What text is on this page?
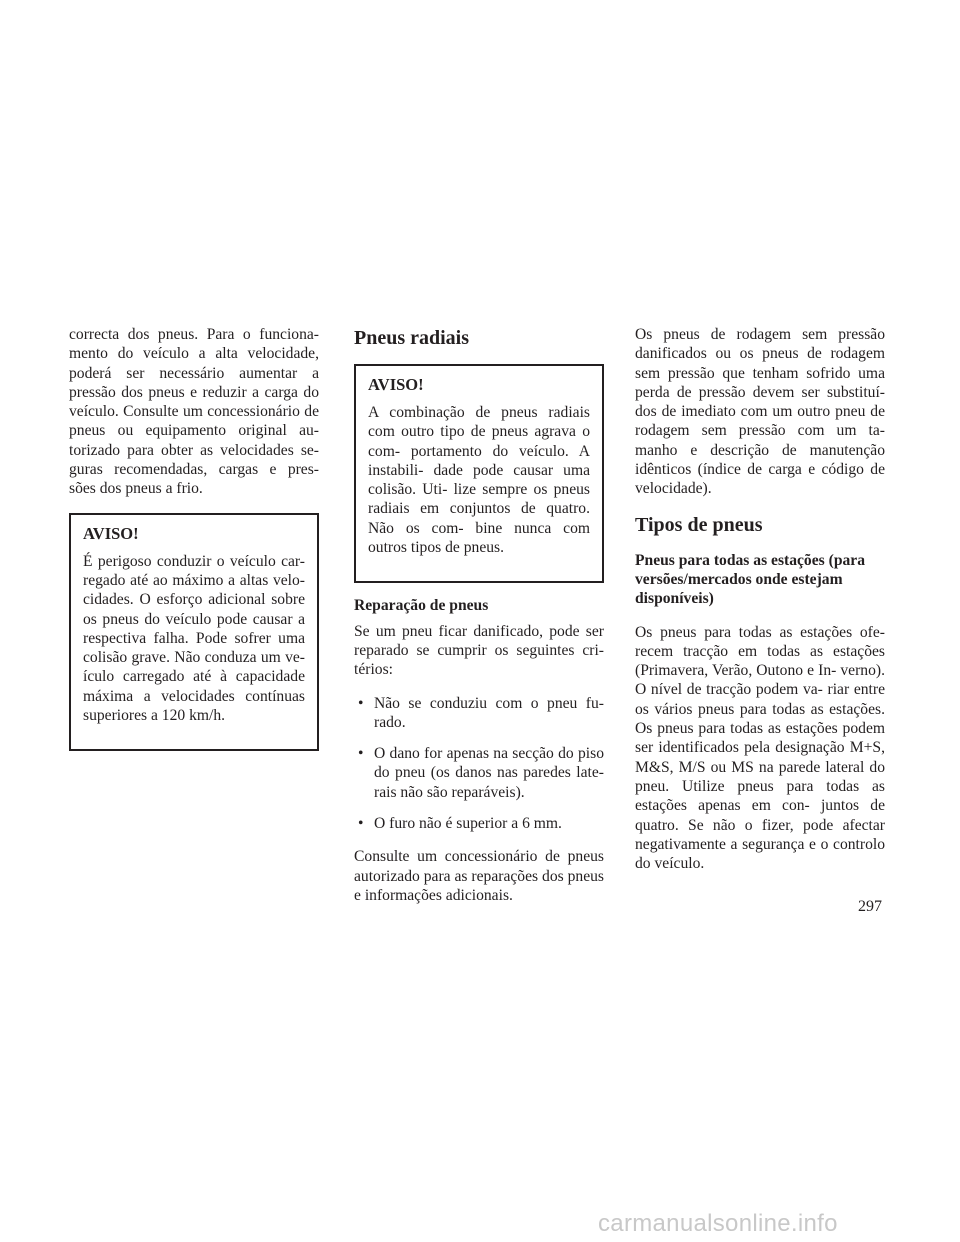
correcta dos pneus. Para o funciona- mento do veículo a alta velocidade, poderá ser necessário aumentar a pressão dos pneus e reduzir a carga do veículo. Consulte um concessionário de pneus ou equipamento original au- torizado para obter as velocidades se- guras recomendadas, cargas e pres- sões dos pneus a frio.

AVISO!

É perigoso conduzir o veículo car- regado até ao máximo a altas velo- cidades. O esforço adicional sobre os pneus do veículo pode causar a respectiva falha. Pode sofrer uma colisão grave. Não conduza um ve- ículo carregado até à capacidade máxima a velocidades contínuas superiores a 120 km/h.

Pneus radiais
AVISO!

A combinação de pneus radiais com outro tipo de pneus agrava o com- portamento do veículo. A instabili- dade pode causar uma colisão. Uti- lize sempre os pneus radiais em conjuntos de quatro. Não os com- bine nunca com outros tipos de pneus.

Reparação de pneus

Se um pneu ficar danificado, pode ser reparado se cumprir os seguintes cri- térios:

• Não se conduziu com o pneu fu- rado.
• O dano for apenas na secção do piso do pneu (os danos nas paredes late- rais não são reparáveis).
• O furo não é superior a 6 mm.

Consulte um concessionário de pneus autorizado para as reparações dos pneus e informações adicionais.

Os pneus de rodagem sem pressão danificados ou os pneus de rodagem sem pressão que tenham sofrido uma perda de pressão devem ser substituí- dos de imediato com um outro pneu de rodagem sem pressão com um ta- manho e descrição de manutenção idênticos (índice de carga e código de velocidade).

Tipos de pneus
Pneus para todas as estações (para versões/mercados onde estejam disponíveis)

Os pneus para todas as estações ofe- recem tracção em todas as estações (Primavera, Verão, Outono e In- verno). O nível de tracção podem va- riar entre os vários pneus para todas as estações. Os pneus para todas as estações podem ser identificados pela designação M+S, M&S, M/S ou MS na parede lateral do pneu. Utilize pneus para todas as estações apenas em con- juntos de quatro. Se não o fizer, pode afectar negativamente a segurança e o controlo do veículo.

297
carmanualsonline.info
